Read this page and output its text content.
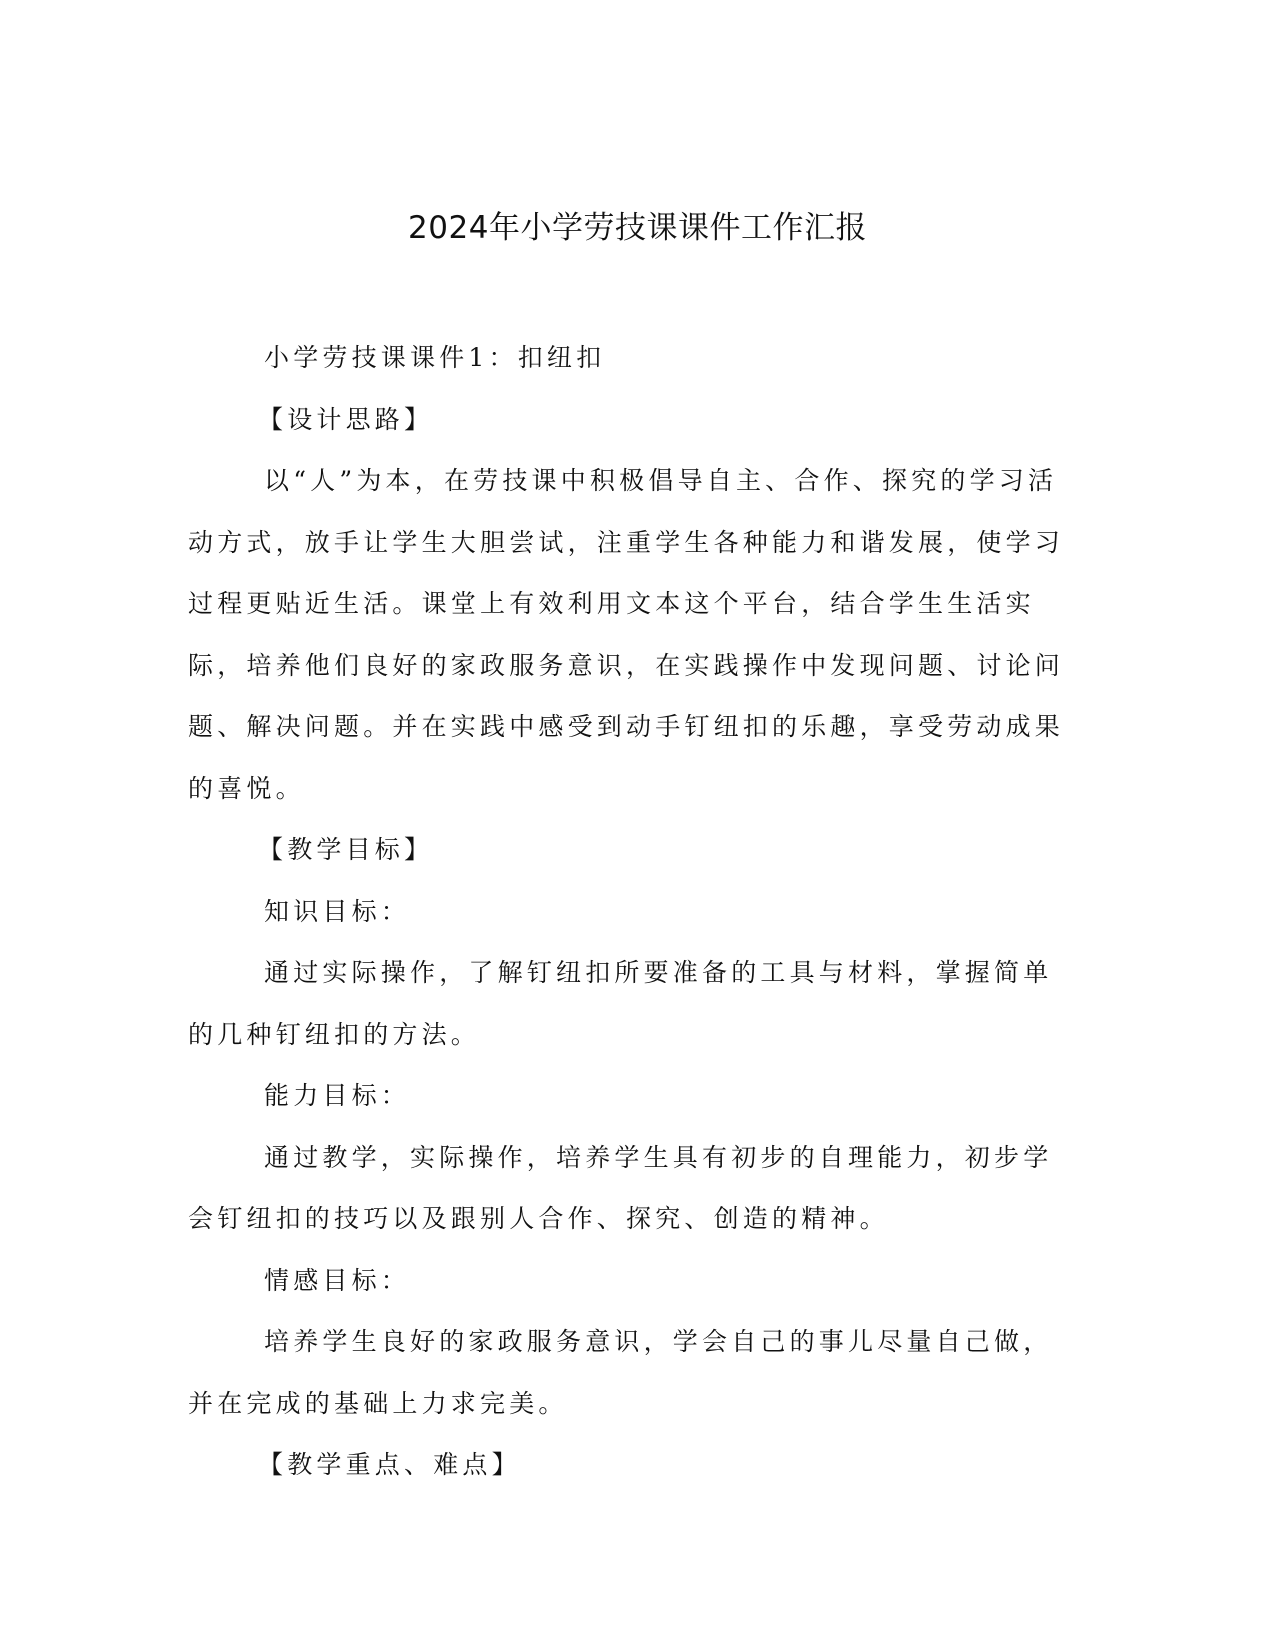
2024年小学劳技课课件工作汇报

小学劳技课课件1：扣纽扣

【设计思路】

以“人”为本，在劳技课中积极倡导自主、合作、探究的学习活动方式，放手让学生大胆尝试，注重学生各种能力和谐发展，使学习过程更贴近生活。课堂上有效利用文本这个平台，结合学生生活实际，培养他们良好的家政服务意识，在实践操作中发现问题、讨论问题、解决问题。并在实践中感受到动手钉纽扣的乐趣，享受劳动成果的喜悦。

【教学目标】

知识目标：

通过实际操作，了解钉纽扣所要准备的工具与材料，掌握简单的几种钉纽扣的方法。

能力目标：

通过教学，实际操作，培养学生具有初步的自理能力，初步学会钉纽扣的技巧以及跟别人合作、探究、创造的精神。

情感目标：

培养学生良好的家政服务意识，学会自己的事儿尽量自己做，并在完成的基础上力求完美。

【教学重点、难点】
